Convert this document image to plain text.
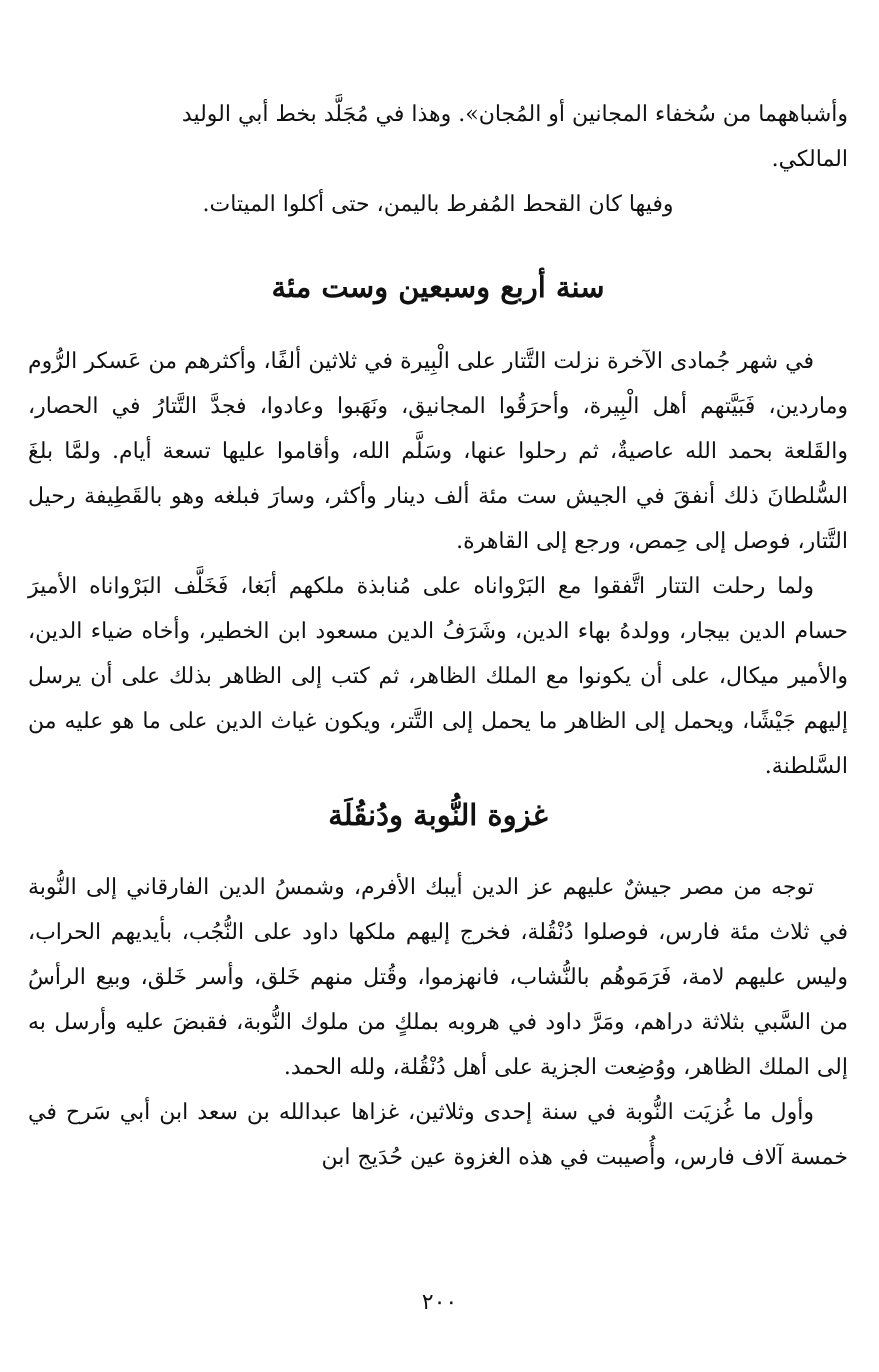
وأشباههما من سُخفاء المجانين أو المُجان». وهذا في مُجَلَّد بخط أبي الوليد
المالكي.
وفيها كان القحط المُفرط باليمن، حتى أكلوا الميتات.

سنة أربع وسبعين وست مئة

في شهر جُمادى الآخرة نزلت التَّتار على الْبِيرة في ثلاثين ألفًا، وأكثرهم من عَسكر الرُّوم وماردين، فَبَيَّتهم أهل الْبِيرة، وأحرَقُوا المجانيق، ونَهَبوا وعادوا، فجدَّ التَّتارُ في الحصار، والقَلعة بحمد الله عاصيةٌ، ثم رحلوا عنها، وسَلَّم الله، وأقاموا عليها تسعة أيام. ولمَّا بلغَ السُّلطانَ ذلك أنفقَ في الجيش ست مئة ألف دينار وأكثر، وسارَ فبلغه وهو بالقَطِيفة رحيل التَّتار، فوصل إلى حِمص، ورجع إلى القاهرة.

ولما رحلت التتار اتَّفقوا مع البَرْواناه على مُنابذة ملكهم أبَغا، فَخَلَّف البَرْواناه الأميرَ حسام الدين بيجار، وولدهُ بهاء الدين، وشَرَفُ الدين مسعود ابن الخطير، وأخاه ضياء الدين، والأمير ميكال، على أن يكونوا مع الملك الظاهر، ثم كتب إلى الظاهر بذلك على أن يرسل إليهم جَيْشًا، ويحمل إلى الظاهر ما يحمل إلى التَّتر، ويكون غياث الدين على ما هو عليه من السَّلطنة.

غزوة النُّوبة ودُنقُلَة

توجه من مصر جيشٌ عليهم عز الدين أيبك الأفرم، وشمسُ الدين الفارقاني إلى النُّوبة في ثلاث مئة فارس، فوصلوا دُنْقُلة، فخرج إليهم ملكها داود على النُّجُب، بأيديهم الحراب، وليس عليهم لامة، فَرَمَوهُم بالنُّشاب، فانهزموا، وقُتل منهم خَلق، وأسر خَلق، وبيع الرأسُ من السَّبي بثلاثة دراهم، ومَرَّ داود في هروبه بملكٍ من ملوك النُّوبة، فقبضَ عليه وأرسل به إلى الملك الظاهر، ووُضِعت الجزية على أهل دُنْقُلة، ولله الحمد.

وأول ما غُزيَت النُّوبة في سنة إحدى وثلاثين، غزاها عبدالله بن سعد ابن أبي سَرح في خمسة آلاف فارس، وأُصيبت في هذه الغزوة عين حُدَيج ابن

٢٠٠
